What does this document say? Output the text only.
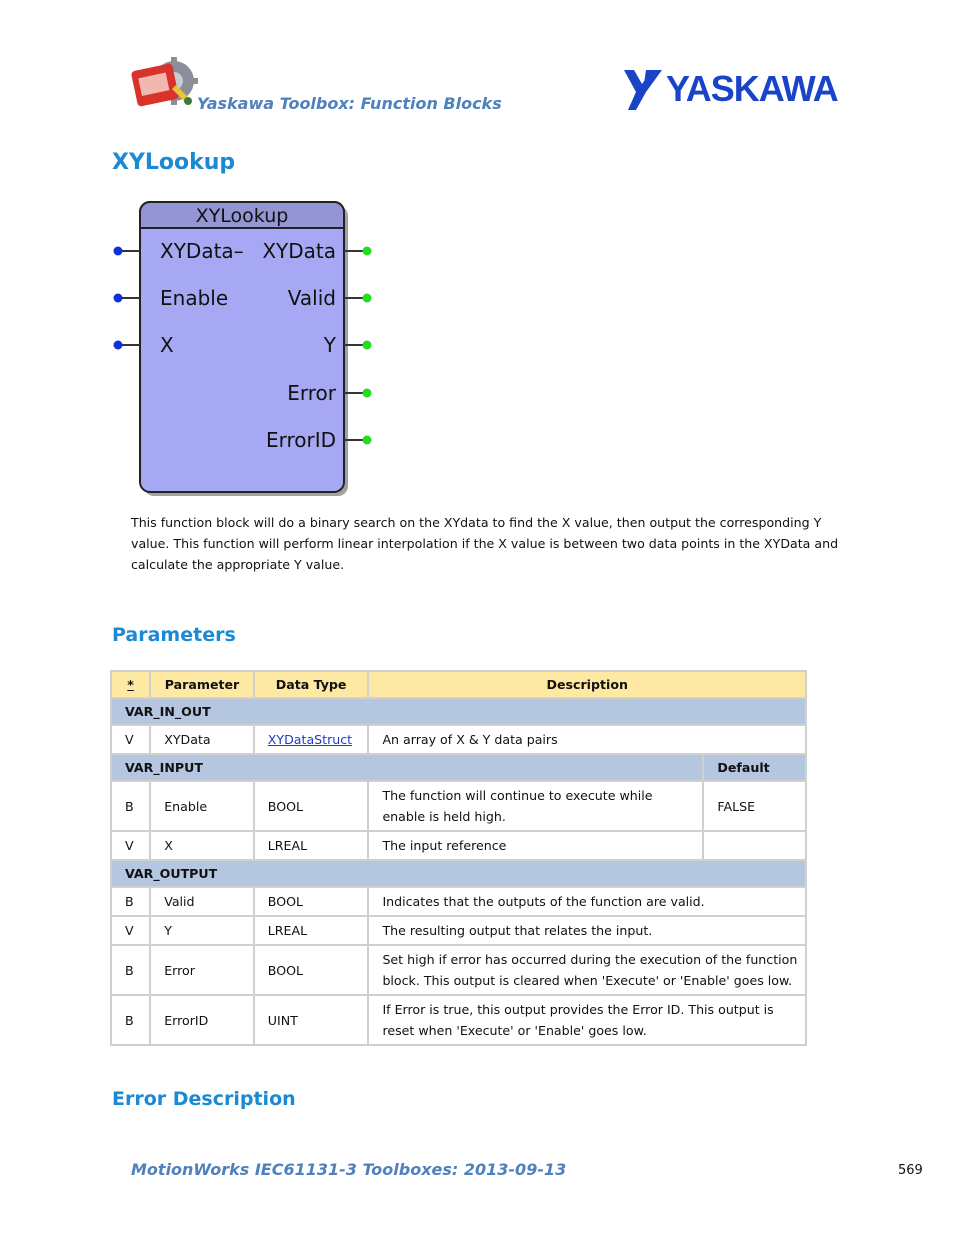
Yaskawa Toolbox: Function Blocks	YASKAWA
XYLookup
XYLookup
XYData–
Enable
X
XYData
Valid
Y
Error
ErrorID
This function block will do a binary search on the XYdata to find the X value, then output the corresponding Y value. This function will perform linear interpolation if the X value is between two data points in the XYData and calculate the appropriate Y value.
Parameters
*	Parameter	Data Type	Description	
VAR_IN_OUT				
V	XYData	XYDataStruct	An array of X & Y data pairs	
VAR_INPUT				Default
B	Enable	BOOL	The function will continue to execute while enable is held high.	FALSE
V	X	LREAL	The input reference	
VAR_OUTPUT				
B	Valid	BOOL	Indicates that the outputs of the function are valid.	
V	Y	LREAL	The resulting output that relates the input.	
B	Error	BOOL	Set high if error has occurred during the execution of the function block. This output is cleared when 'Execute' or 'Enable' goes low.	
B	ErrorID	UINT	If Error is true, this output provides the Error ID. This output is reset when 'Execute' or 'Enable' goes low.	
Error Description
MotionWorks IEC61131-3 Toolboxes: 2013-09-13	569
